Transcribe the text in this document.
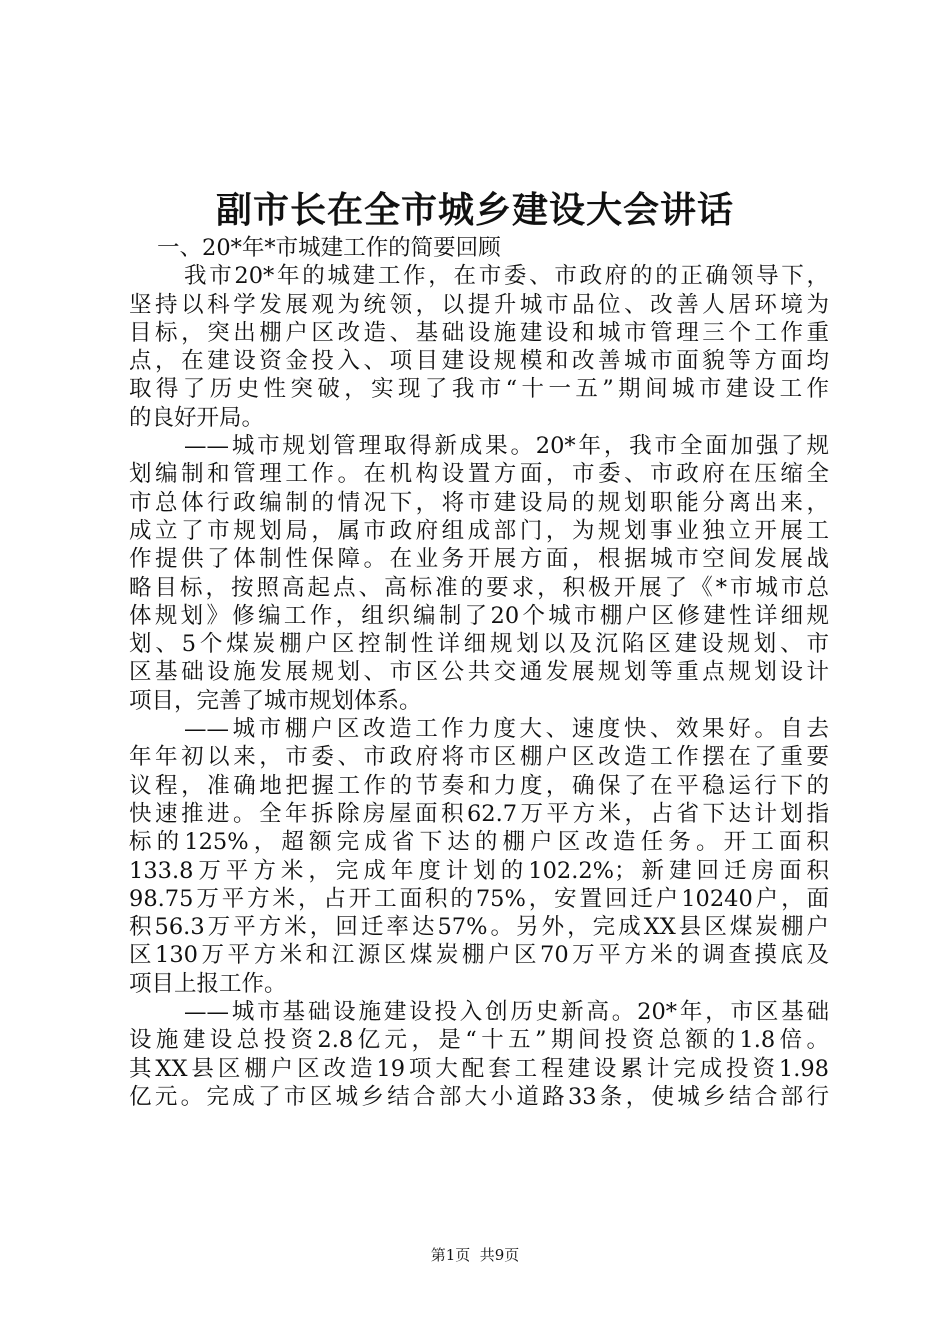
副市长在全市城乡建设大会讲话
一、20*年*市城建工作的简要回顾
我市20*年的城建工作，在市委、市政府的的正确领导下，
坚持以科学发展观为统领，以提升城市品位、改善人居环境为
目标，突出棚户区改造、基础设施建设和城市管理三个工作重
点，在建设资金投入、项目建设规模和改善城市面貌等方面均
取得了历史性突破，实现了我市“十一五”期间城市建设工作
的良好开局。
——城市规划管理取得新成果。20*年，我市全面加强了规
划编制和管理工作。在机构设置方面，市委、市政府在压缩全
市总体行政编制的情况下，将市建设局的规划职能分离出来，
成立了市规划局，属市政府组成部门，为规划事业独立开展工
作提供了体制性保障。在业务开展方面，根据城市空间发展战
略目标，按照高起点、高标准的要求，积极开展了《*市城市总
体规划》修编工作，组织编制了20个城市棚户区修建性详细规
划、5个煤炭棚户区控制性详细规划以及沉陷区建设规划、市
区基础设施发展规划、市区公共交通发展规划等重点规划设计
项目，完善了城市规划体系。
——城市棚户区改造工作力度大、速度快、效果好。自去
年年初以来，市委、市政府将市区棚户区改造工作摆在了重要
议程，准确地把握工作的节奏和力度，确保了在平稳运行下的
快速推进。全年拆除房屋面积62.7万平方米，占省下达计划指
标的125%，超额完成省下达的棚户区改造任务。开工面积
133.8万平方米，完成年度计划的102.2%；新建回迁房面积
98.75万平方米，占开工面积的75%，安置回迁户10240户，面
积56.3万平方米，回迁率达57%。另外，完成XX县区煤炭棚户
区130万平方米和江源区煤炭棚户区70万平方米的调查摸底及
项目上报工作。
——城市基础设施建设投入创历史新高。20*年，市区基础
设施建设总投资2.8亿元，是“十五”期间投资总额的1.8倍。
其XX县区棚户区改造19项大配套工程建设累计完成投资1.98
亿元。完成了市区城乡结合部大小道路33条，使城乡结合部行
第1页  共9页
